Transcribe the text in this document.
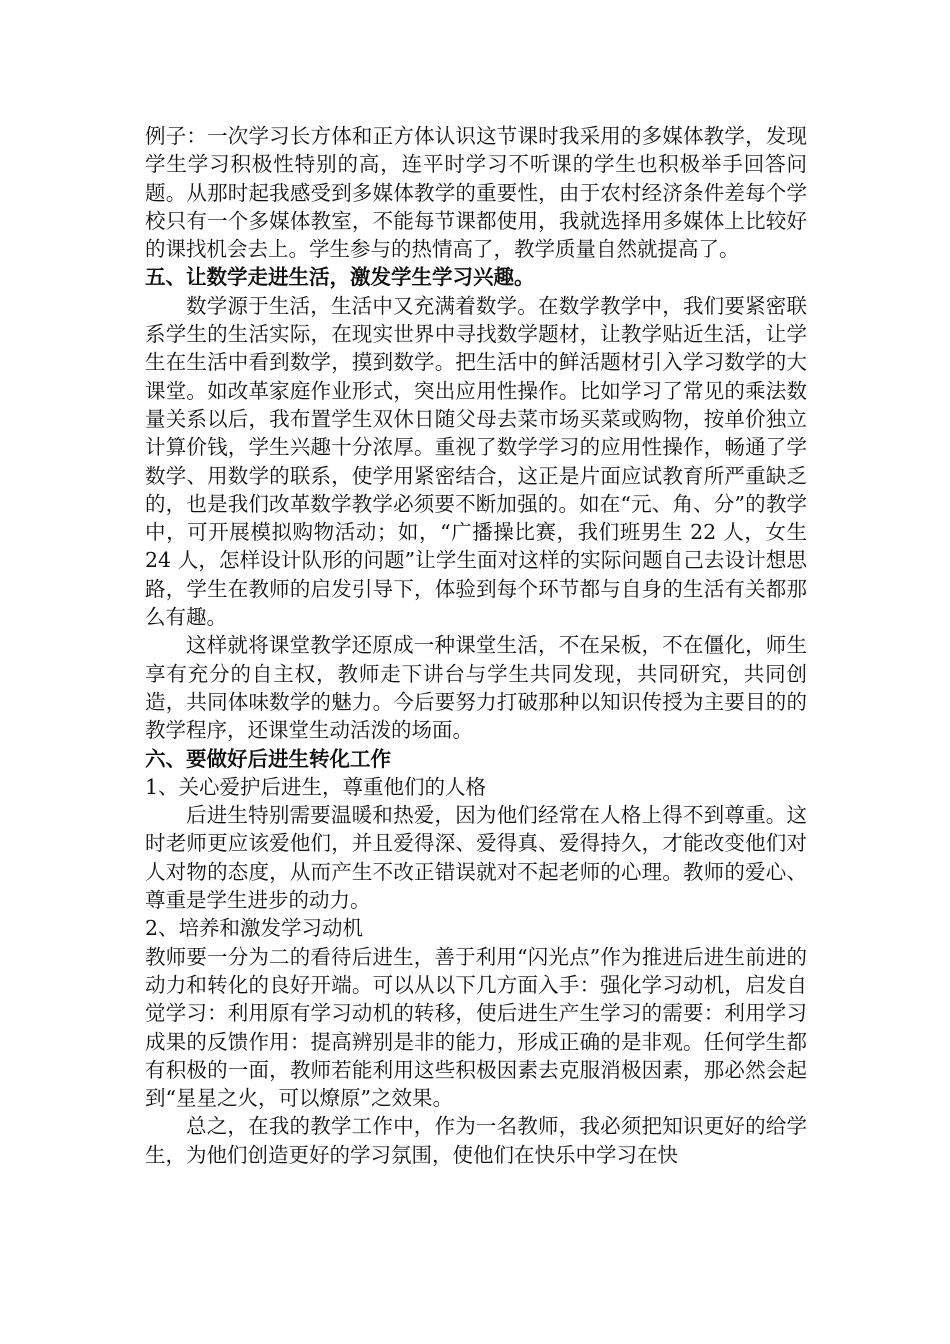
例子：一次学习长方体和正方体认识这节课时我采用的多媒体教学，发现学生学习积极性特别的高，连平时学习不听课的学生也积极举手回答问题。从那时起我感受到多媒体教学的重要性，由于农村经济条件差每个学校只有一个多媒体教室，不能每节课都使用，我就选择用多媒体上比较好的课找机会去上。学生参与的热情高了，教学质量自然就提高了。

五、让数学走进生活，激发学生学习兴趣。

数学源于生活，生活中又充满着数学。在数学教学中，我们要紧密联系学生的生活实际，在现实世界中寻找数学题材，让教学贴近生活，让学生在生活中看到数学，摸到数学。把生活中的鲜活题材引入学习数学的大课堂。如改革家庭作业形式，突出应用性操作。比如学习了常见的乘法数量关系以后，我布置学生双休日随父母去菜市场买菜或购物，按单价独立计算价钱，学生兴趣十分浓厚。重视了数学学习的应用性操作，畅通了学数学、用数学的联系，使学用紧密结合，这正是片面应试教育所严重缺乏的，也是我们改革数学教学必须要不断加强的。如在“元、角、分”的教学中，可开展模拟购物活动；如，“广播操比赛，我们班男生 22 人，女生 24 人，怎样设计队形的问题”让学生面对这样的实际问题自己去设计想思路，学生在教师的启发引导下，体验到每个环节都与自身的生活有关都那么有趣。

这样就将课堂教学还原成一种课堂生活，不在呆板，不在僵化，师生享有充分的自主权，教师走下讲台与学生共同发现，共同研究，共同创造，共同体味数学的魅力。今后要努力打破那种以知识传授为主要目的的教学程序，还课堂生动活泼的场面。

六、要做好后进生转化工作

1、关心爱护后进生，尊重他们的人格

后进生特别需要温暖和热爱，因为他们经常在人格上得不到尊重。这时老师更应该爱他们，并且爱得深、爱得真、爱得持久，才能改变他们对人对物的态度，从而产生不改正错误就对不起老师的心理。教师的爱心、尊重是学生进步的动力。

2、培养和激发学习动机

教师要一分为二的看待后进生，善于利用“闪光点”作为推进后进生前进的动力和转化的良好开端。可以从以下几方面入手：强化学习动机，启发自觉学习：利用原有学习动机的转移，使后进生产生学习的需要：利用学习成果的反馈作用：提高辨别是非的能力，形成正确的是非观。任何学生都有积极的一面，教师若能利用这些积极因素去克服消极因素，那必然会起到“星星之火，可以燎原”之效果。

总之，在我的教学工作中，作为一名教师，我必须把知识更好的给学生，为他们创造更好的学习氛围，使他们在快乐中学习在快
